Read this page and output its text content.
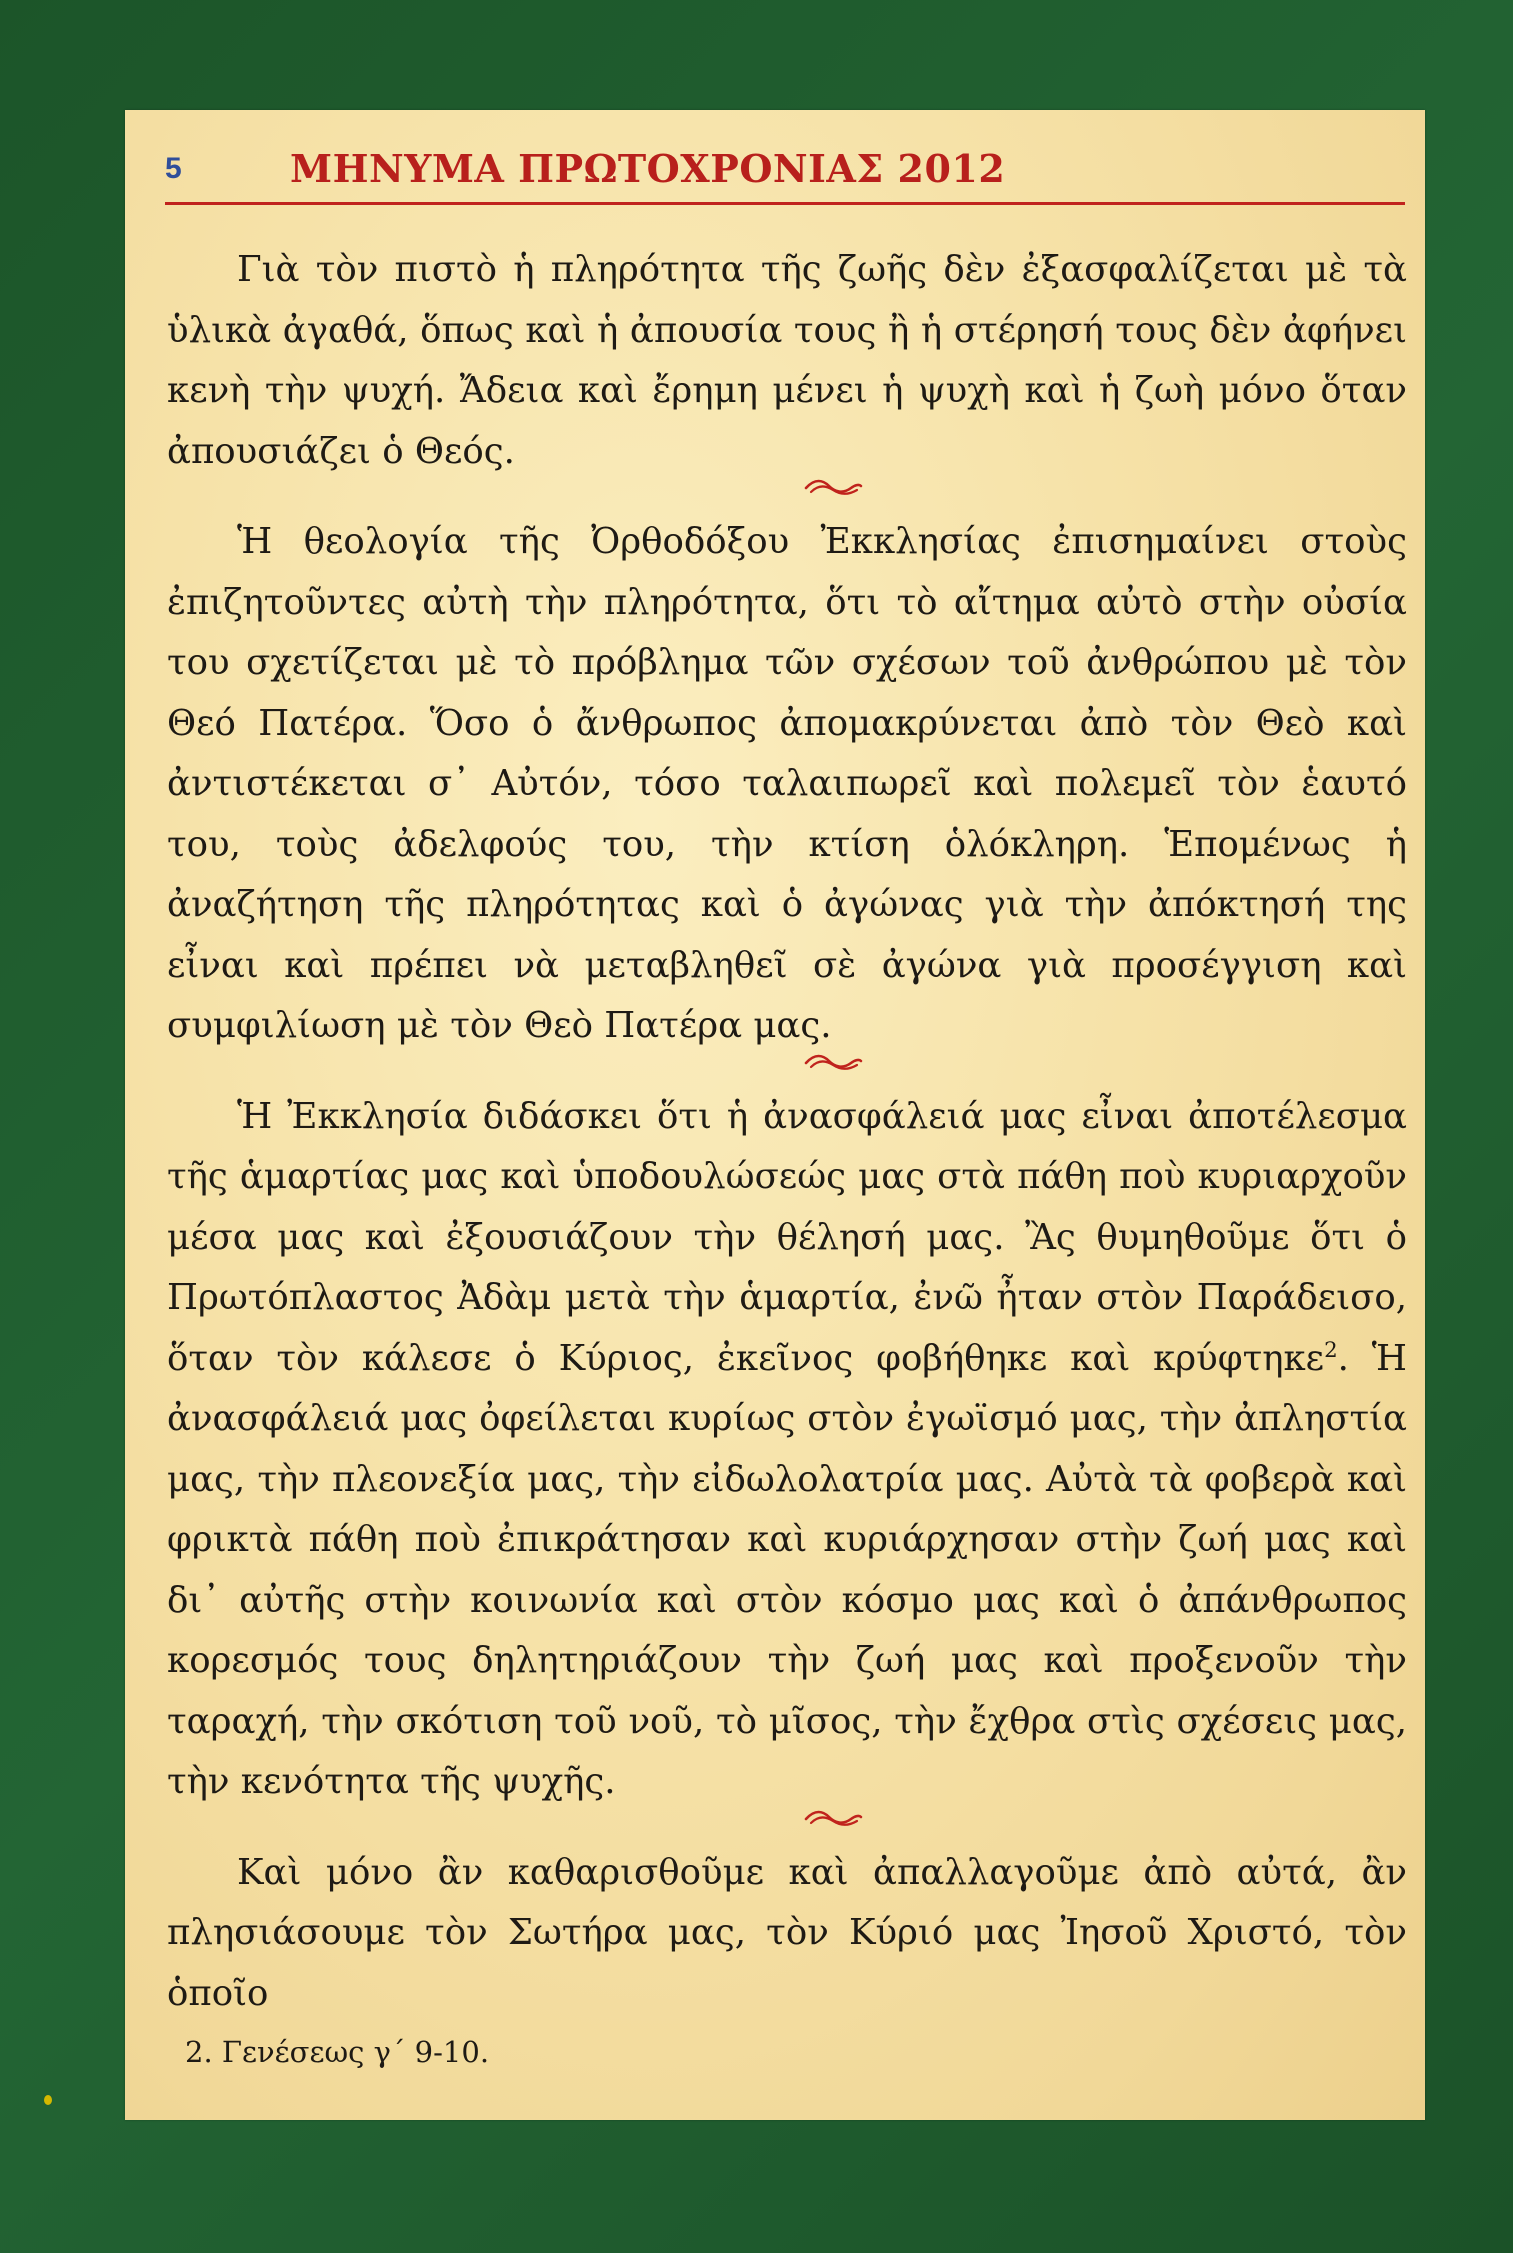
5	ΜΗΝΥΜΑ ΠΡΩΤΟΧΡΟΝΙΑΣ 2012

Γιὰ τὸν πιστὸ ἡ πληρότητα τῆς ζωῆς δὲν ἐξασφαλίζεται μὲ τὰ ὑλικὰ ἀγαθά, ὅπως καὶ ἡ ἀπουσία τους ἢ ἡ στέρησή τους δὲν ἀφήνει κενὴ τὴν ψυχή. Ἄδεια καὶ ἔρημη μένει ἡ ψυχὴ καὶ ἡ ζωὴ μόνο ὅταν ἀπουσιάζει ὁ Θεός.

Ἡ θεολογία τῆς Ὀρθοδόξου Ἐκκλησίας ἐπισημαίνει στοὺς ἐπιζητοῦντες αὐτὴ τὴν πληρότητα, ὅτι τὸ αἴτημα αὐτὸ στὴν οὐσία του σχετίζεται μὲ τὸ πρόβλημα τῶν σχέσων τοῦ ἀνθρώπου μὲ τὸν Θεό Πατέρα. Ὅσο ὁ ἄνθρωπος ἀπομακρύνεται ἀπὸ τὸν Θεὸ καὶ ἀντιστέκεται σ᾿ Αὐτόν, τόσο ταλαιπωρεῖ καὶ πολεμεῖ τὸν ἑαυτό του, τοὺς ἀδελφούς του, τὴν κτίση ὁλόκληρη. Ἑπομένως ἡ ἀναζήτηση τῆς πληρότητας καὶ ὁ ἀγώνας γιὰ τὴν ἀπόκτησή της εἶναι καὶ πρέπει νὰ μεταβληθεῖ σὲ ἀγώνα γιὰ προσέγγιση καὶ συμφιλίωση μὲ τὸν Θεὸ Πατέρα μας.

Ἡ Ἐκκλησία διδάσκει ὅτι ἡ ἀνασφάλειά μας εἶναι ἀποτέλεσμα τῆς ἁμαρτίας μας καὶ ὑποδουλώσεώς μας στὰ πάθη ποὺ κυριαρχοῦν μέσα μας καὶ ἐξουσιάζουν τὴν θέλησή μας. Ἂς θυμηθοῦμε ὅτι ὁ Πρωτόπλαστος Ἀδὰμ μετὰ τὴν ἁμαρτία, ἐνῶ ἦταν στὸν Παράδεισο, ὅταν τὸν κάλεσε ὁ Κύριος, ἐκεῖνος φοβήθηκε καὶ κρύφτηκε$^2$. Ἡ ἀνασφάλειά μας ὀφείλεται κυρίως στὸν ἐγωϊσμό μας, τὴν ἀπληστία μας, τὴν πλεονεξία μας, τὴν εἰδωλολατρία μας. Αὐτὰ τὰ φοβερὰ καὶ φρικτὰ πάθη ποὺ ἐπικράτησαν καὶ κυριάρχησαν στὴν ζωή μας καὶ δι᾿ αὐτῆς στὴν κοινωνία καὶ στὸν κόσμο μας καὶ ὁ ἀπάνθρωπος κορεσμός τους δηλητηριάζουν τὴν ζωή μας καὶ προξενοῦν τὴν ταραχή, τὴν σκότιση τοῦ νοῦ, τὸ μῖσος, τὴν ἔχθρα στὶς σχέσεις μας, τὴν κενότητα τῆς ψυχῆς.

Καὶ μόνο ἂν καθαρισθοῦμε καὶ ἀπαλλαγοῦμε ἀπὸ αὐτά, ἂν πλησιάσουμε τὸν Σωτήρα μας, τὸν Κύριό μας Ἰησοῦ Χριστό, τὸν ὁποῖο

2. Γενέσεως γ΄ 9-10.
